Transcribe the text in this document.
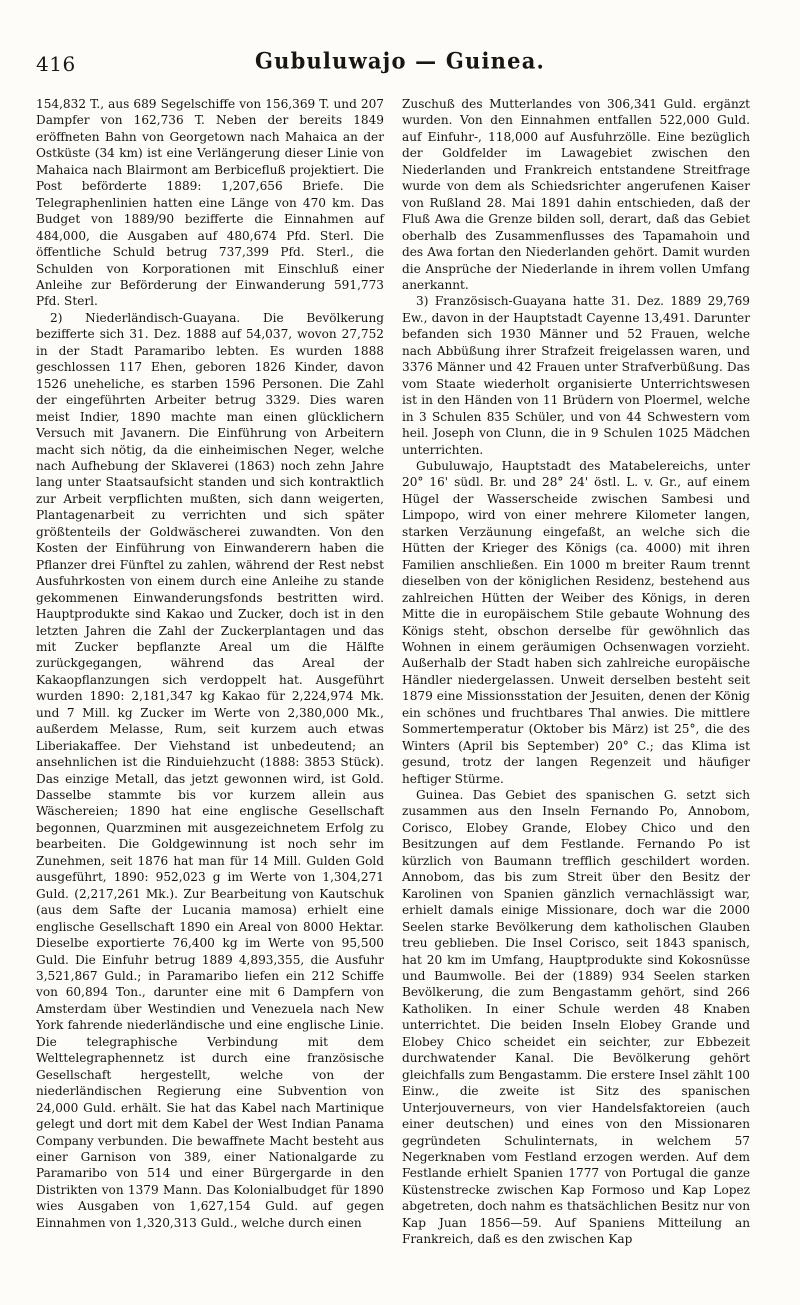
416	Gubuluwajo — Guinea.

154,832 T., aus 689 Segelschiffe von 156,369 T. und 207 Dampfer von 162,736 T. Neben der bereits 1849 eröffneten Bahn von Georgetown nach Mahaica an der Ostküste (34 km) ist eine Verlängerung dieser Linie von Mahaica nach Blairmont am Berbicefluß projektiert. Die Post beförderte 1889: 1,207,656 Briefe. Die Telegraphenlinien hatten eine Länge von 470 km. Das Budget von 1889/90 bezifferte die Einnahmen auf 484,000, die Ausgaben auf 480,674 Pfd. Sterl. Die öffentliche Schuld betrug 737,399 Pfd. Sterl., die Schulden von Korporationen mit Einschluß einer Anleihe zur Beförderung der Einwanderung 591,773 Pfd. Sterl.

2) Niederländisch-Guayana. Die Bevölkerung bezifferte sich 31. Dez. 1888 auf 54,037, wovon 27,752 in der Stadt Paramaribo lebten. Es wurden 1888 geschlossen 117 Ehen, geboren 1826 Kinder, davon 1526 uneheliche, es starben 1596 Personen. Die Zahl der eingeführten Arbeiter betrug 3329. Dies waren meist Indier, 1890 machte man einen glücklichern Versuch mit Javanern. Die Einführung von Arbeitern macht sich nötig, da die einheimischen Neger, welche nach Aufhebung der Sklaverei (1863) noch zehn Jahre lang unter Staatsaufsicht standen und sich kontraktlich zur Arbeit verpflichten mußten, sich dann weigerten, Plantagenarbeit zu verrichten und sich später größtenteils der Goldwäscherei zuwandten. Von den Kosten der Einführung von Einwanderern haben die Pflanzer drei Fünftel zu zahlen, während der Rest nebst Ausfuhrkosten von einem durch eine Anleihe zu stande gekommenen Einwanderungsfonds bestritten wird. Hauptprodukte sind Kakao und Zucker, doch ist in den letzten Jahren die Zahl der Zuckerplantagen und das mit Zucker bepflanzte Areal um die Hälfte zurückgegangen, während das Areal der Kakaopflanzungen sich verdoppelt hat. Ausgeführt wurden 1890: 2,181,347 kg Kakao für 2,224,974 Mk. und 7 Mill. kg Zucker im Werte von 2,380,000 Mk., außerdem Melasse, Rum, seit kurzem auch etwas Liberiakaffee. Der Viehstand ist unbedeutend; an ansehnlichen ist die Rinduiehzucht (1888: 3853 Stück). Das einzige Metall, das jetzt gewonnen wird, ist Gold. Dasselbe stammte bis vor kurzem allein aus Wäschereien; 1890 hat eine englische Gesellschaft begonnen, Quarzminen mit ausgezeichnetem Erfolg zu bearbeiten. Die Goldgewinnung ist noch sehr im Zunehmen, seit 1876 hat man für 14 Mill. Gulden Gold ausgeführt, 1890: 952,023 g im Werte von 1,304,271 Guld. (2,217,261 Mk.). Zur Bearbeitung von Kautschuk (aus dem Safte der Lucania mamosa) erhielt eine englische Gesellschaft 1890 ein Areal von 8000 Hektar. Dieselbe exportierte 76,400 kg im Werte von 95,500 Guld. Die Einfuhr betrug 1889 4,893,355, die Ausfuhr 3,521,867 Guld.; in Paramaribo liefen ein 212 Schiffe von 60,894 Ton., darunter eine mit 6 Dampfern von Amsterdam über Westindien und Venezuela nach New York fahrende niederländische und eine englische Linie. Die telegraphische Verbindung mit dem Welttelegraphennetz ist durch eine französische Gesellschaft hergestellt, welche von der niederländischen Regierung eine Subvention von 24,000 Guld. erhält. Sie hat das Kabel nach Martinique gelegt und dort mit dem Kabel der West Indian Panama Company verbunden. Die bewaffnete Macht besteht aus einer Garnison von 389, einer Nationalgarde zu Paramaribo von 514 und einer Bürgergarde in den Distrikten von 1379 Mann. Das Kolonialbudget für 1890 wies Ausgaben von 1,627,154 Guld. auf gegen Einnahmen von 1,320,313 Guld., welche durch einen

Zuschuß des Mutterlandes von 306,341 Guld. ergänzt wurden. Von den Einnahmen entfallen 522,000 Guld. auf Einfuhr-, 118,000 auf Ausfuhrzölle. Eine bezüglich der Goldfelder im Lawagebiet zwischen den Niederlanden und Frankreich entstandene Streitfrage wurde von dem als Schiedsrichter angerufenen Kaiser von Rußland 28. Mai 1891 dahin entschieden, daß der Fluß Awa die Grenze bilden soll, derart, daß das Gebiet oberhalb des Zusammenflusses des Tapamahoin und des Awa fortan den Niederlanden gehört. Damit wurden die Ansprüche der Niederlande in ihrem vollen Umfang anerkannt.

3) Französisch-Guayana hatte 31. Dez. 1889 29,769 Ew., davon in der Hauptstadt Cayenne 13,491. Darunter befanden sich 1930 Männer und 52 Frauen, welche nach Abbüßung ihrer Strafzeit freigelassen waren, und 3376 Männer und 42 Frauen unter Strafverbüßung. Das vom Staate wiederholt organisierte Unterrichtswesen ist in den Händen von 11 Brüdern von Ploermel, welche in 3 Schulen 835 Schüler, und von 44 Schwestern vom heil. Joseph von Clunn, die in 9 Schulen 1025 Mädchen unterrichten.

Gubuluwajo, Hauptstadt des Matabelereichs, unter 20° 16' südl. Br. und 28° 24' östl. L. v. Gr., auf einem Hügel der Wasserscheide zwischen Sambesi und Limpopo, wird von einer mehrere Kilometer langen, starken Verzäunung eingefaßt, an welche sich die Hütten der Krieger des Königs (ca. 4000) mit ihren Familien anschließen. Ein 1000 m breiter Raum trennt dieselben von der königlichen Residenz, bestehend aus zahlreichen Hütten der Weiber des Königs, in deren Mitte die in europäischem Stile gebaute Wohnung des Königs steht, obschon derselbe für gewöhnlich das Wohnen in einem geräumigen Ochsenwagen vorzieht. Außerhalb der Stadt haben sich zahlreiche europäische Händler niedergelassen. Unweit derselben besteht seit 1879 eine Missionsstation der Jesuiten, denen der König ein schönes und fruchtbares Thal anwies. Die mittlere Sommertemperatur (Oktober bis März) ist 25°, die des Winters (April bis September) 20° C.; das Klima ist gesund, trotz der langen Regenzeit und häufiger heftiger Stürme.

Guinea. Das Gebiet des spanischen G. setzt sich zusammen aus den Inseln Fernando Po, Annobom, Corisco, Elobey Grande, Elobey Chico und den Besitzungen auf dem Festlande. Fernando Po ist kürzlich von Baumann trefflich geschildert worden. Annobom, das bis zum Streit über den Besitz der Karolinen von Spanien gänzlich vernachlässigt war, erhielt damals einige Missionare, doch war die 2000 Seelen starke Bevölkerung dem katholischen Glauben treu geblieben. Die Insel Corisco, seit 1843 spanisch, hat 20 km im Umfang, Hauptprodukte sind Kokosnüsse und Baumwolle. Bei der (1889) 934 Seelen starken Bevölkerung, die zum Bengastamm gehört, sind 266 Katholiken. In einer Schule werden 48 Knaben unterrichtet. Die beiden Inseln Elobey Grande und Elobey Chico scheidet ein seichter, zur Ebbezeit durchwatender Kanal. Die Bevölkerung gehört gleichfalls zum Bengastamm. Die erstere Insel zählt 100 Einw., die zweite ist Sitz des spanischen Unterjouverneurs, von vier Handelsfaktoreien (auch einer deutschen) und eines von den Missionaren gegründeten Schulinternats, in welchem 57 Negerknaben vom Festland erzogen werden. Auf dem Festlande erhielt Spanien 1777 von Portugal die ganze Küstenstrecke zwischen Kap Formoso und Kap Lopez abgetreten, doch nahm es thatsächlichen Besitz nur von Kap Juan 1856—59. Auf Spaniens Mitteilung an Frankreich, daß es den zwischen Kap
